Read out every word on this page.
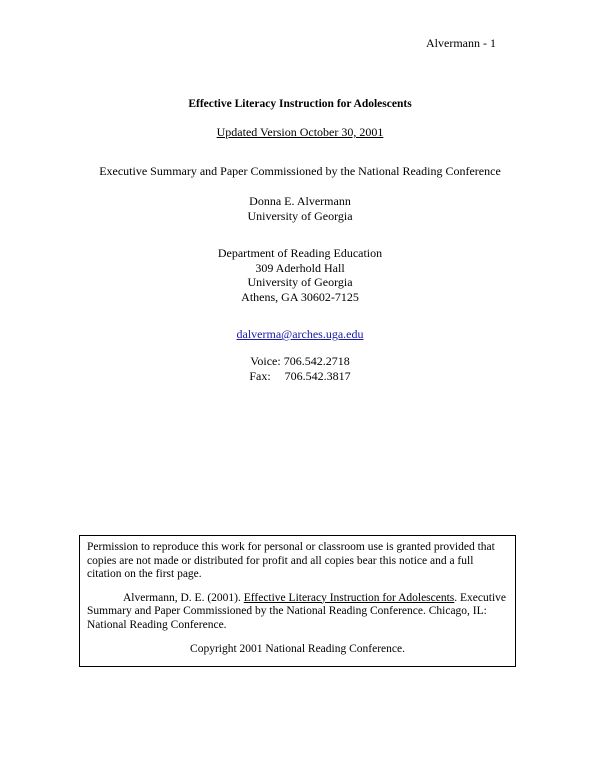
Alvermann - 1
Effective Literacy Instruction for Adolescents
Updated Version October 30, 2001
Executive Summary and Paper Commissioned by the National Reading Conference
Donna E. Alvermann
University of Georgia
Department of Reading Education
309 Aderhold Hall
University of Georgia
Athens, GA 30602-7125
dalverma@arches.uga.edu
Voice: 706.542.2718
Fax: 706.542.3817

Permission to reproduce this work for personal or classroom use is granted provided that copies are not made or distributed for profit and all copies bear this notice and a full citation on the first page.

Alvermann, D. E. (2001). Effective Literacy Instruction for Adolescents. Executive Summary and Paper Commissioned by the National Reading Conference. Chicago, IL: National Reading Conference.

Copyright 2001 National Reading Conference.
